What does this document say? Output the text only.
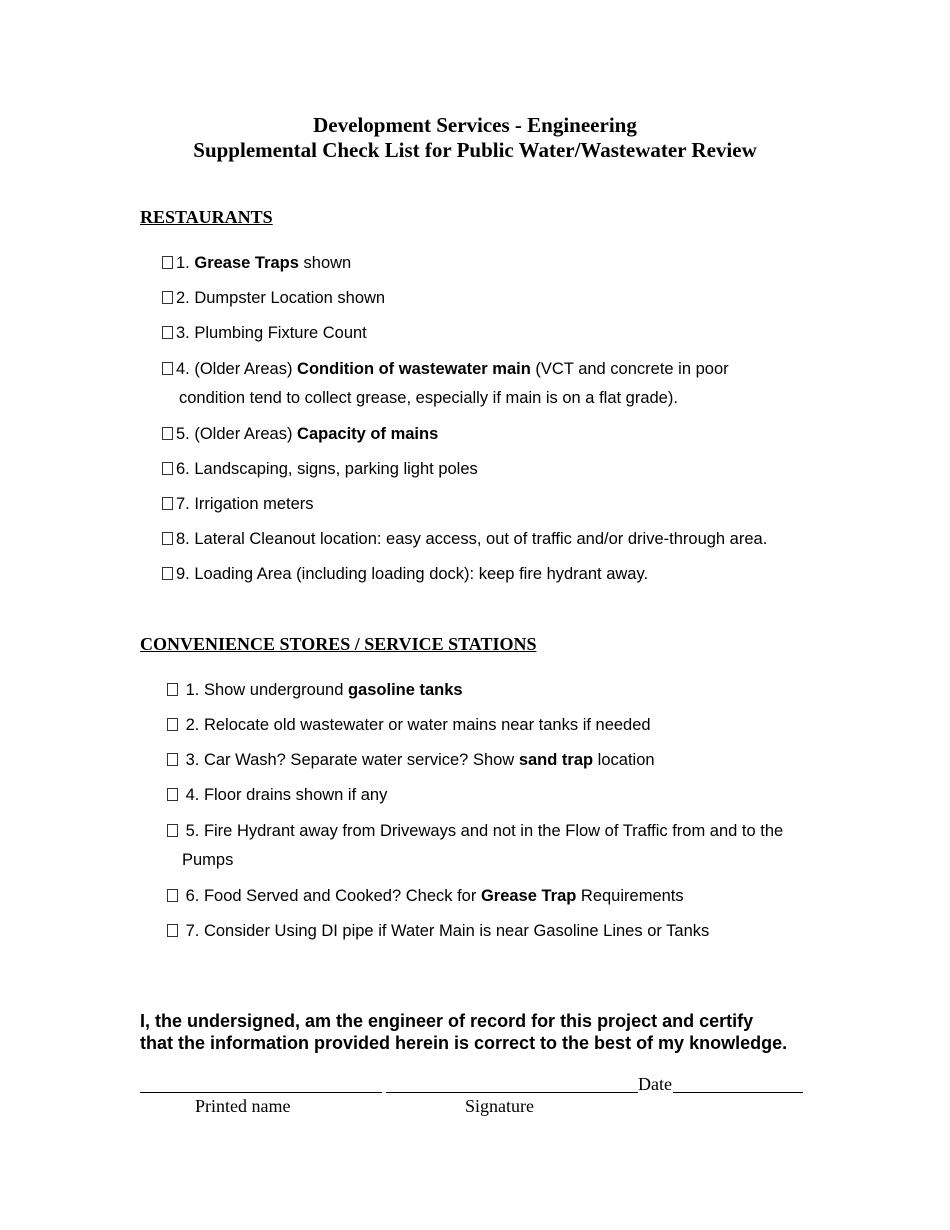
Development Services - Engineering
Supplemental Check List for Public Water/Wastewater Review
RESTAURANTS
1. Grease Traps shown
2. Dumpster Location shown
3. Plumbing Fixture Count
4. (Older Areas) Condition of wastewater main (VCT and concrete in poor
condition tend to collect grease, especially if main is on a flat grade).
5. (Older Areas) Capacity of mains
6. Landscaping, signs, parking light poles
7. Irrigation meters
8. Lateral Cleanout location: easy access, out of traffic and/or drive-through area.
9. Loading Area (including loading dock): keep fire hydrant away.
CONVENIENCE STORES / SERVICE STATIONS
1. Show underground gasoline tanks
2. Relocate old wastewater or water mains near tanks if needed
3. Car Wash? Separate water service? Show sand trap location
4. Floor drains shown if any
5. Fire Hydrant away from Driveways and not in the Flow of Traffic from and to the
Pumps
6. Food Served and Cooked? Check for Grease Trap Requirements
7. Consider Using DI pipe if Water Main is near Gasoline Lines or Tanks
I, the undersigned, am the engineer of record for this project and certify
that the information provided herein is correct to the best of my knowledge.
Date
Printed name	Signature
